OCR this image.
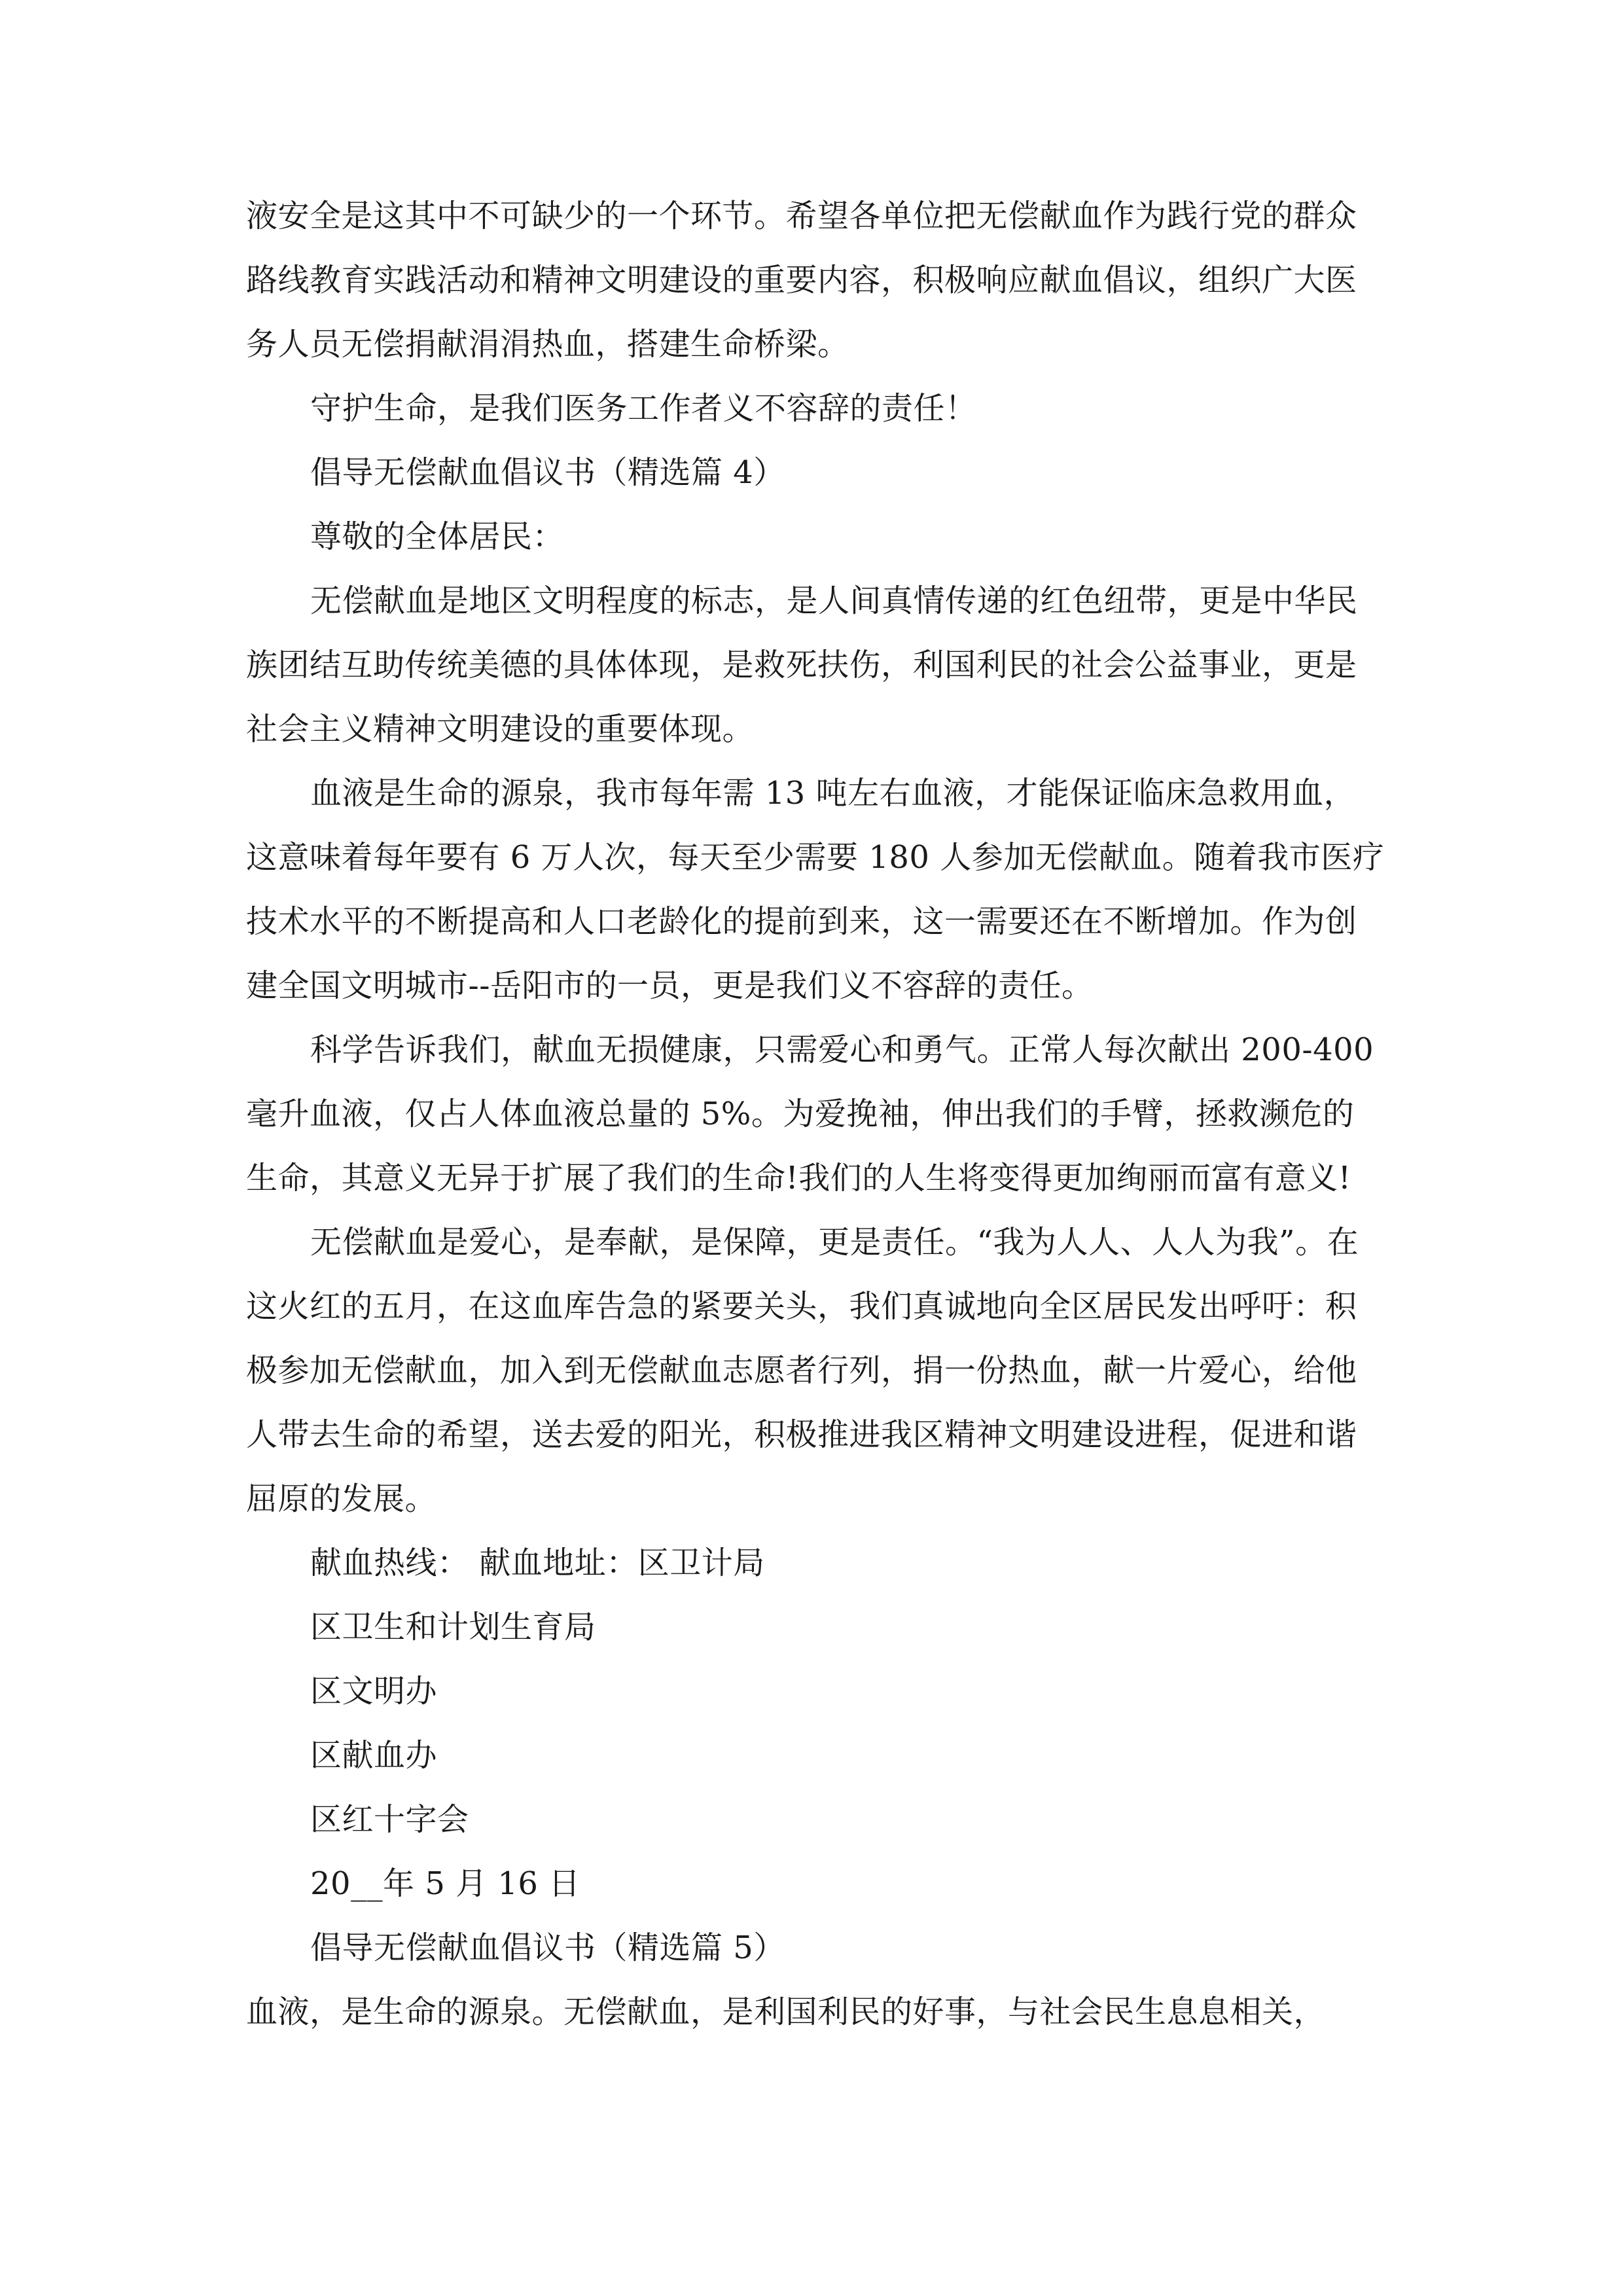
液安全是这其中不可缺少的一个环节。希望各单位把无偿献血作为践行党的群众
路线教育实践活动和精神文明建设的重要内容，积极响应献血倡议，组织广大医
务人员无偿捐献涓涓热血，搭建生命桥梁。
守护生命，是我们医务工作者义不容辞的责任！
倡导无偿献血倡议书（精选篇 4）
尊敬的全体居民：
无偿献血是地区文明程度的标志，是人间真情传递的红色纽带，更是中华民
族团结互助传统美德的具体体现，是救死扶伤，利国利民的社会公益事业，更是
社会主义精神文明建设的重要体现。
血液是生命的源泉，我市每年需 13 吨左右血液，才能保证临床急救用血，
这意味着每年要有 6 万人次，每天至少需要 180 人参加无偿献血。随着我市医疗
技术水平的不断提高和人口老龄化的提前到来，这一需要还在不断增加。作为创
建全国文明城市--岳阳市的一员，更是我们义不容辞的责任。
科学告诉我们，献血无损健康，只需爱心和勇气。正常人每次献出 200-400
毫升血液，仅占人体血液总量的 5%。为爱挽袖，伸出我们的手臂，拯救濒危的
生命，其意义无异于扩展了我们的生命!我们的人生将变得更加绚丽而富有意义!
无偿献血是爱心，是奉献，是保障，更是责任。“我为人人、人人为我”。在
这火红的五月，在这血库告急的紧要关头，我们真诚地向全区居民发出呼吁：积
极参加无偿献血，加入到无偿献血志愿者行列，捐一份热血，献一片爱心，给他
人带去生命的希望，送去爱的阳光，积极推进我区精神文明建设进程，促进和谐
屈原的发展。
献血热线： 献血地址：区卫计局
区卫生和计划生育局
区文明办
区献血办
区红十字会
20__年 5 月 16 日
倡导无偿献血倡议书（精选篇 5）
血液，是生命的源泉。无偿献血，是利国利民的好事，与社会民生息息相关，
